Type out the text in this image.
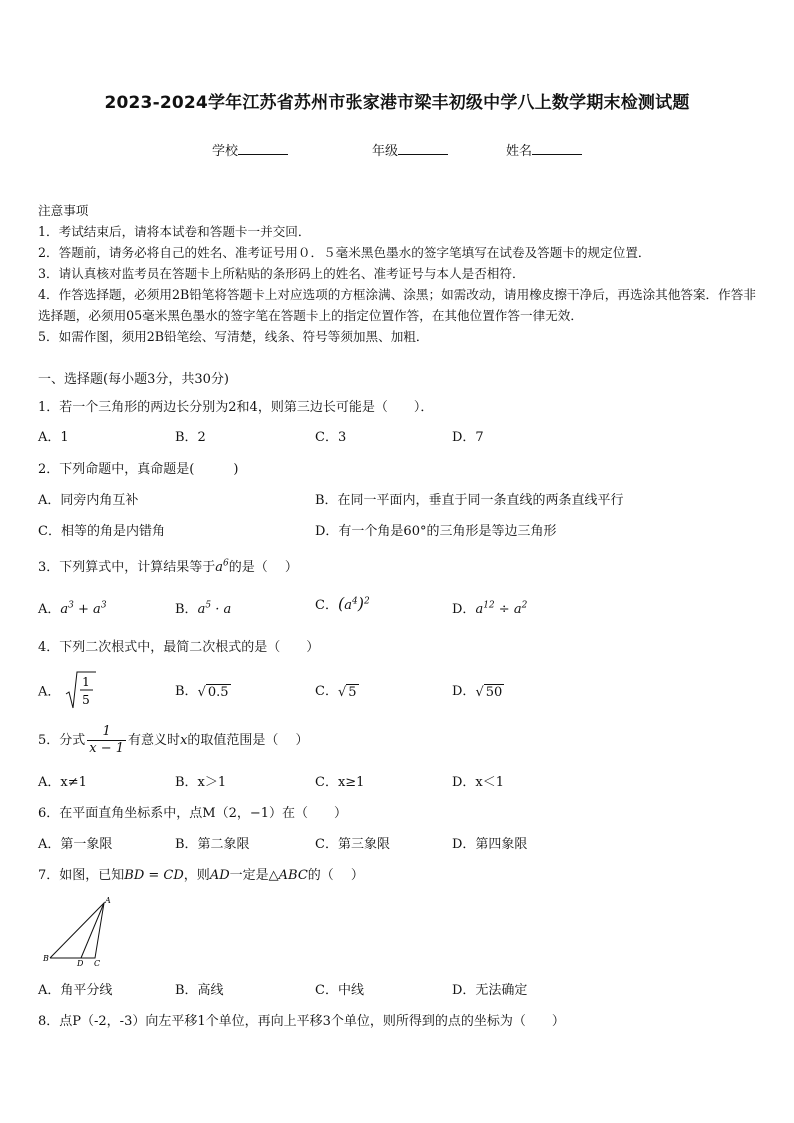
2023-2024学年江苏省苏州市张家港市梁丰初级中学八上数学期末检测试题
学校	年级	姓名
注意事项
1．考试结束后，请将本试卷和答题卡一并交回．
2．答题前，请务必将自己的姓名、准考证号用０．５毫米黑色墨水的签字笔填写在试卷及答题卡的规定位置．
3．请认真核对监考员在答题卡上所粘贴的条形码上的姓名、准考证号与本人是否相符．
4．作答选择题，必须用2B铅笔将答题卡上对应选项的方框涂满、涂黑；如需改动，请用橡皮擦干净后，再选涂其他答案．作答非选择题，必须用05毫米黑色墨水的签字笔在答题卡上的指定位置作答，在其他位置作答一律无效．
5．如需作图，须用2B铅笔绘、写清楚，线条、符号等须加黑、加粗．
一、选择题(每小题3分，共30分)
1．若一个三角形的两边长分别为2和4，则第三边长可能是（　　）．
A．1	B．2	C．3	D．7
2．下列命题中，真命题是(　　　)
A．同旁内角互补	B．在同一平面内，垂直于同一条直线的两条直线平行
C．相等的角是内错角	D．有一个角是60°的三角形是等边三角形
3．下列算式中，计算结果等于$a^6$的是（　 ）
A．$a^3 + a^3$	B．$a^5 \cdot a$	C．$(a^4)^2$
D．$a^{12} \div a^2$
4．下列二次根式中，最简二次根式的是（　　）
A．
1
5
B．√ 0.5	C．√ 5	D．√ 50
5．分式 $\frac{1}{x - 1}$ 有意义时x的取值范围是（　 ）
A．x≠1	B．x＞1	C．x≥1	D．x＜1
6．在平面直角坐标系中，点M（2，−1）在（　　）
A．第一象限	B．第二象限	C．第三象限	D．第四象限
7．如图，已知BD = CD，则AD一定是△ABC的（　 ）
A
B
C
D
A．角平分线	B．高线	C．中线	D．无法确定
8．点P（-2，-3）向左平移1个单位，再向上平移3个单位，则所得到的点的坐标为（　　）
